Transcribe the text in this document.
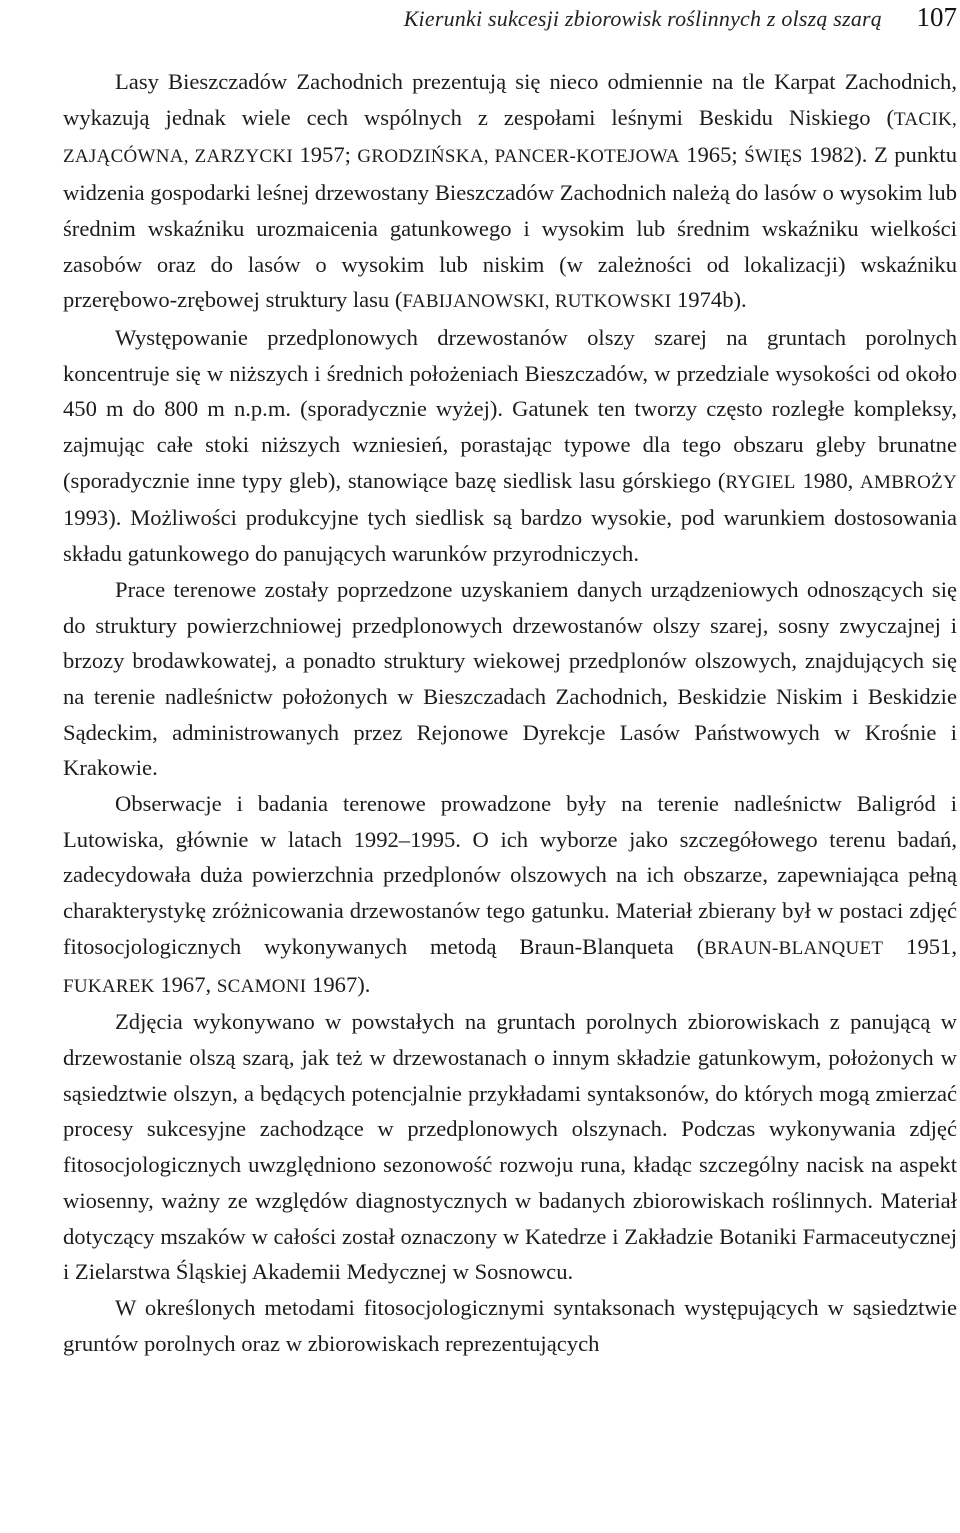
Kierunki sukcesji zbiorowisk roślinnych z olszą szarą 107

Lasy Bieszczadów Zachodnich prezentują się nieco odmiennie na tle Karpat Zachodnich, wykazują jednak wiele cech wspólnych z zespołami leśnymi Beskidu Niskiego (TACIK, ZAJĄCÓWNA, ZARZYCKI 1957; GRODZIŃSKA, PANCER-KOTEJOWA 1965; ŚWIĘS 1982). Z punktu widzenia gospodarki leśnej drzewostany Bieszczadów Zachodnich należą do lasów o wysokim lub średnim wskaźniku urozmaicenia gatunkowego i wysokim lub średnim wskaźniku wielkości zasobów oraz do lasów o wysokim lub niskim (w zależności od lokalizacji) wskaźniku przerębowo-zrębowej struktury lasu (FABIJANOWSKI, RUTKOWSKI 1974b).

Występowanie przedplonowych drzewostanów olszy szarej na gruntach porolnych koncentruje się w niższych i średnich położeniach Bieszczadów, w przedziale wysokości od około 450 m do 800 m n.p.m. (sporadycznie wyżej). Gatunek ten tworzy często rozległe kompleksy, zajmując całe stoki niższych wzniesień, porastając typowe dla tego obszaru gleby brunatne (sporadycznie inne typy gleb), stanowiące bazę siedlisk lasu górskiego (RYGIEL 1980, AMBROŻY 1993). Możliwości produkcyjne tych siedlisk są bardzo wysokie, pod warunkiem dostosowania składu gatunkowego do panujących warunków przyrodniczych.

Prace terenowe zostały poprzedzone uzyskaniem danych urządzeniowych odnoszących się do struktury powierzchniowej przedplonowych drzewostanów olszy szarej, sosny zwyczajnej i brzozy brodawkowatej, a ponadto struktury wiekowej przedplonów olszowych, znajdujących się na terenie nadleśnictw położonych w Bieszczadach Zachodnich, Beskidzie Niskim i Beskidzie Sądeckim, administrowanych przez Rejonowe Dyrekcje Lasów Państwowych w Krośnie i Krakowie.

Obserwacje i badania terenowe prowadzone były na terenie nadleśnictw Baligród i Lutowiska, głównie w latach 1992–1995. O ich wyborze jako szczegółowego terenu badań, zadecydowała duża powierzchnia przedplonów olszowych na ich obszarze, zapewniająca pełną charakterystykę zróżnicowania drzewostanów tego gatunku. Materiał zbierany był w postaci zdjęć fitosocjologicznych wykonywanych metodą Braun-Blanqueta (BRAUN-BLANQUET 1951, FUKAREK 1967, SCAMONI 1967).

Zdjęcia wykonywano w powstałych na gruntach porolnych zbiorowiskach z panującą w drzewostanie olszą szarą, jak też w drzewostanach o innym składzie gatunkowym, położonych w sąsiedztwie olszyn, a będących potencjalnie przykładami syntaksonów, do których mogą zmierzać procesy sukcesyjne zachodzące w przedplonowych olszynach. Podczas wykonywania zdjęć fitosocjologicznych uwzględniono sezonowość rozwoju runa, kładąc szczególny nacisk na aspekt wiosenny, ważny ze względów diagnostycznych w badanych zbiorowiskach roślinnych. Materiał dotyczący mszaków w całości został oznaczony w Katedrze i Zakładzie Botaniki Farmaceutycznej i Zielarstwa Śląskiej Akademii Medycznej w Sosnowcu.

W określonych metodami fitosocjologicznymi syntaksonach występujących w sąsiedztwie gruntów porolnych oraz w zbiorowiskach reprezentujących
